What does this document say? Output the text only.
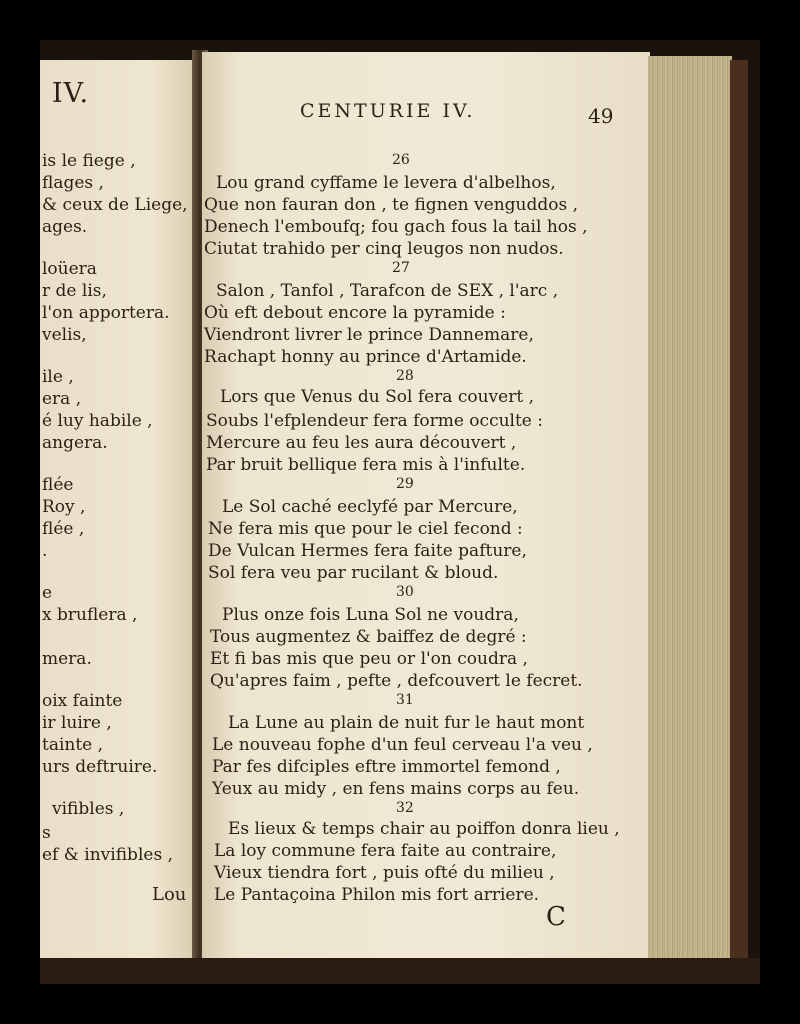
IV.
is le fiege ,
flages ,
& ceux de Liege,
ages.
loüera
r de lis,
l'on apportera.
velis,
ile ,
era ,
é luy habile ,
angera.
flée
Roy ,
flée ,
.
e
x bruflera ,
mera.
oix fainte
ir luire ,
tainte ,
urs deftruire.
vifibles ,
s
ef & invifibles ,
Lou
CENTURIE IV.	49
26
Lou grand cyffame le levera d'albelhos,
Que non fauran don , te fignen venguddos ,
Denech l'emboufq; fou gach fous la tail hos ,
Ciutat trahido per cinq leugos non nudos.
27
Salon , Tanfol , Tarafcon de SEX , l'arc ,
Où eft debout encore la pyramide :
Viendront livrer le prince Dannemare,
Rachapt honny au prince d'Artamide.
28
Lors que Venus du Sol fera couvert ,
Soubs l'efplendeur fera forme occulte :
Mercure au feu les aura découvert ,
Par bruit bellique fera mis à l'infulte.
29
Le Sol caché eeclyfé par Mercure,
Ne fera mis que pour le ciel fecond :
De Vulcan Hermes fera faite pafture,
Sol fera veu par rucilant & bloud.
30
Plus onze fois Luna Sol ne voudra,
Tous augmentez & baiffez de degré :
Et fi bas mis que peu or l'on coudra ,
Qu'apres faim , pefte , defcouvert le fecret.
31
La Lune au plain de nuit fur le haut mont
Le nouveau fophe d'un feul cerveau l'a veu ,
Par fes difciples eftre immortel femond ,
Yeux au midy , en fens mains corps au feu.
32
Es lieux & temps chair au poiffon donra lieu ,
La loy commune fera faite au contraire,
Vieux tiendra fort , puis ofté du milieu ,
Le Pantaçoina Philon mis fort arriere.
C
